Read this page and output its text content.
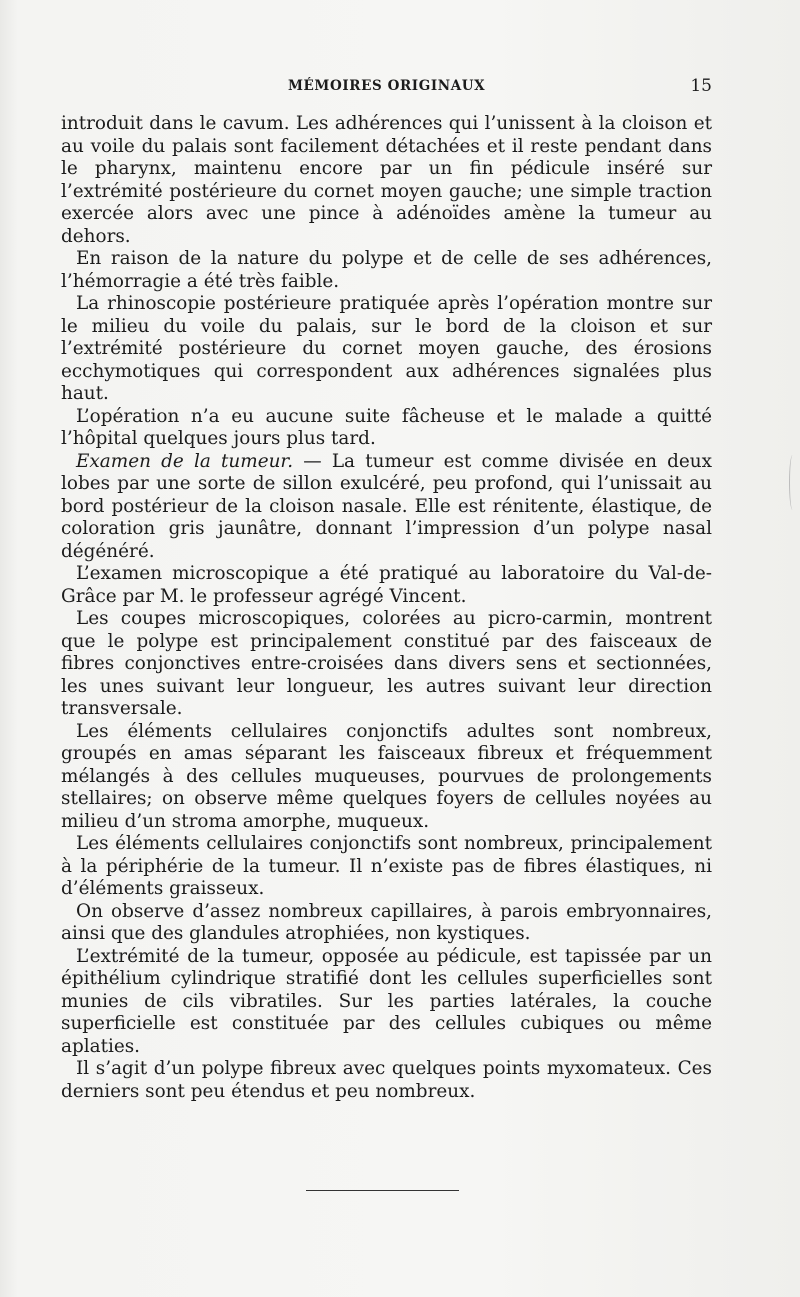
MÉMOIRES ORIGINAUX	15

introduit dans le cavum. Les adhérences qui l’unissent à la cloison et au voile du palais sont facilement détachées et il reste pendant dans le pharynx, maintenu encore par un fin pédicule inséré sur l’extrémité postérieure du cornet moyen gauche; une simple traction exercée alors avec une pince à adénoïdes amène la tumeur au dehors.

En raison de la nature du polype et de celle de ses adhérences, l’hémorragie a été très faible.

La rhinoscopie postérieure pratiquée après l’opération montre sur le milieu du voile du palais, sur le bord de la cloison et sur l’extrémité postérieure du cornet moyen gauche, des érosions ecchymotiques qui correspondent aux adhérences signalées plus haut.

L’opération n’a eu aucune suite fâcheuse et le malade a quitté l’hôpital quelques jours plus tard.

Examen de la tumeur. — La tumeur est comme divisée en deux lobes par une sorte de sillon exulcéré, peu profond, qui l’unissait au bord postérieur de la cloison nasale. Elle est rénitente, élastique, de coloration gris jaunâtre, donnant l’impression d’un polype nasal dégénéré.

L’examen microscopique a été pratiqué au laboratoire du Val-de-Grâce par M. le professeur agrégé Vincent.

Les coupes microscopiques, colorées au picro-carmin, montrent que le polype est principalement constitué par des faisceaux de fibres conjonctives entre-croisées dans divers sens et sectionnées, les unes suivant leur longueur, les autres suivant leur direction transversale.

Les éléments cellulaires conjonctifs adultes sont nombreux, groupés en amas séparant les faisceaux fibreux et fréquemment mélangés à des cellules muqueuses, pourvues de prolongements stellaires; on observe même quelques foyers de cellules noyées au milieu d’un stroma amorphe, muqueux.

Les éléments cellulaires conjonctifs sont nombreux, principalement à la périphérie de la tumeur. Il n’existe pas de fibres élastiques, ni d’éléments graisseux.

On observe d’assez nombreux capillaires, à parois embryonnaires, ainsi que des glandules atrophiées, non kystiques.

L’extrémité de la tumeur, opposée au pédicule, est tapissée par un épithélium cylindrique stratifié dont les cellules superficielles sont munies de cils vibratiles. Sur les parties latérales, la couche superficielle est constituée par des cellules cubiques ou même aplaties.

Il s’agit d’un polype fibreux avec quelques points myxomateux. Ces derniers sont peu étendus et peu nombreux.
